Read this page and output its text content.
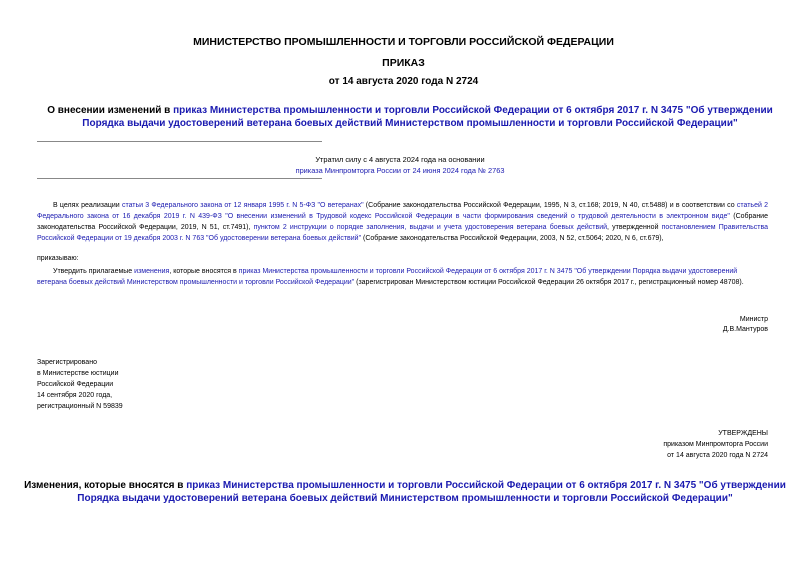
МИНИСТЕРСТВО ПРОМЫШЛЕННОСТИ И ТОРГОВЛИ РОССИЙСКОЙ ФЕДЕРАЦИИ
ПРИКАЗ
от 14 августа 2020 года N 2724
О внесении изменений в приказ Министерства промышленности и торговли Российской Федерации от 6 октября 2017 г. N 3475 "Об утверждении Порядка выдачи удостоверений ветерана боевых действий Министерством промышленности и торговли Российской Федерации"
Утратил силу с 4 августа 2024 года на основании
приказа Минпромторга России от 24 июня 2024 года № 2763
В целях реализации статьи 3 Федерального закона от 12 января 1995 г. N 5-ФЗ "О ветеранах" (Собрание законодательства Российской Федерации, 1995, N 3, ст.168; 2019, N 40, ст.5488) и в соответствии со статьей 2 Федерального закона от 16 декабря 2019 г. N 439-ФЗ "О внесении изменений в Трудовой кодекс Российской Федерации в части формирования сведений о трудовой деятельности в электронном виде" (Собрание законодательства Российской Федерации, 2019, N 51, ст.7491), пунктом 2 инструкции о порядке заполнения, выдачи и учета удостоверения ветерана боевых действий, утвержденной постановлением Правительства Российской Федерации от 19 декабря 2003 г. N 763 "Об удостоверении ветерана боевых действий" (Собрание законодательства Российской Федерации, 2003, N 52, ст.5064; 2020, N 6, ст.679),
приказываю:
Утвердить прилагаемые изменения, которые вносятся в приказ Министерства промышленности и торговли Российской Федерации от 6 октября 2017 г. N 3475 "Об утверждении Порядка выдачи удостоверений ветерана боевых действий Министерством промышленности и торговли Российской Федерации" (зарегистрирован Министерством юстиции Российской Федерации 26 октября 2017 г., регистрационный номер 48708).
Министр
Д.В.Мантуров
Зарегистрировано
в Министерстве юстиции
Российской Федерации
14 сентября 2020 года,
регистрационный N 59839
УТВЕРЖДЕНЫ
приказом Минпромторга России
от 14 августа 2020 года N 2724
Изменения, которые вносятся в приказ Министерства промышленности и торговли Российской Федерации от 6 октября 2017 г. N 3475 "Об утверждении Порядка выдачи удостоверений ветерана боевых действий Министерством промышленности и торговли Российской Федерации"
